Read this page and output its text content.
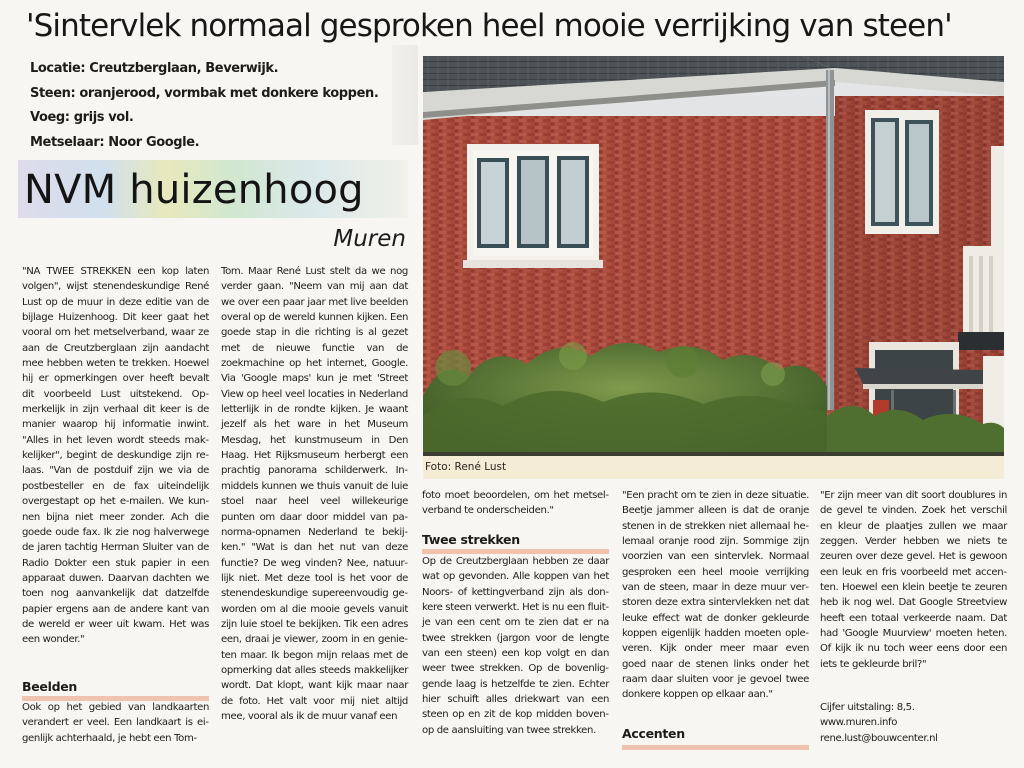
'Sintervlek normaal gesproken heel mooie verrijking van steen'
Locatie: Creutzberglaan, Beverwijk.
Steen: oranjerood, vormbak met donkere koppen.
Voeg: grijs vol.
Metselaar: Noor Google.
NVM huizenhoog
Muren
Foto: René Lust

"NA TWEE STREKKEN een kop laten volgen", wijst stenendeskundige René Lust op de muur in deze editie van de bijlage Huizenhoog. Dit keer gaat het vooral om het metselverband, waar ze aan de Creutzberglaan zijn aandacht mee hebben weten te trekken. Hoewel hij er opmerkingen over heeft bevalt dit voorbeeld Lust uitstekend. Opmerkelijk in zijn verhaal dit keer is de manier waarop hij informatie inwint. "Alles in het leven wordt steeds makkelijker", begint de deskundige zijn relaas. "Van de postduif zijn we via de postbesteller en de fax uiteindelijk overgestapt op het e-mailen. We kunnen bijna niet meer zonder. Ach die goede oude fax. Ik zie nog halverwege de jaren tachtig Herman Sluiter van de Radio Dokter een stuk papier in een apparaat duwen. Daarvan dachten we toen nog aanvankelijk dat datzelfde papier ergens aan de andere kant van de wereld er weer uit kwam. Het was een wonder."

Beelden

Ook op het gebied van landkaarten verandert er veel. Een landkaart is eigenlijk achterhaald, je hebt een Tom-

Tom. Maar René Lust stelt da we nog verder gaan. "Neem van mij aan dat we over een paar jaar met live beelden overal op de wereld kunnen kijken. Een goede stap in die richting is al gezet met de nieuwe functie van de zoekmachine op het internet, Google. Via 'Google maps' kun je met 'Street View op heel veel locaties in Nederland letterlijk in de rondte kijken. Je waant jezelf als het ware in het Museum Mesdag, het kunstmuseum in Den Haag. Het Rijksmuseum herbergt een prachtig panorama schilderwerk. Inmiddels kunnen we thuis vanuit de luie stoel naar heel veel willekeurige punten om daar door middel van panorma-opnamen Nederland te bekijken." "Wat is dan het nut van deze functie? De weg vinden? Nee, natuurlijk niet. Met deze tool is het voor de stenendeskundige supereenvoudig geworden om al die mooie gevels vanuit zijn luie stoel te bekijken. Tik een adres een, draai je viewer, zoom in en genieten maar. Ik begon mijn relaas met de opmerking dat alles steeds makkelijker wordt. Dat klopt, want kijk maar naar de foto. Het valt voor mij niet altijd mee, vooral als ik de muur vanaf een

foto moet beoordelen, om het metselverband te onderscheiden."

Twee strekken

Op de Creutzberglaan hebben ze daar wat op gevonden. Alle koppen van het Noors- of kettingverband zijn als donkere steen verwerkt. Het is nu een fluitje van een cent om te zien dat er na twee strekken (jargon voor de lengte van een steen) een kop volgt en dan weer twee strekken. Op de bovenliggende laag is hetzelfde te zien. Echter hier schuift alles driekwart van een steen op en zit de kop midden bovenop de aansluiting van twee strekken.

"Een pracht om te zien in deze situatie. Beetje jammer alleen is dat de oranje stenen in de strekken niet allemaal helemaal oranje rood zijn. Sommige zijn voorzien van een sintervlek. Normaal gesproken een heel mooie verrijking van de steen, maar in deze muur verstoren deze extra sintervlekken net dat leuke effect wat de donker gekleurde koppen eigenlijk hadden moeten opleveren. Kijk onder meer maar even goed naar de stenen links onder het raam daar sluiten voor je gevoel twee donkere koppen op elkaar aan."

Accenten

"Er zijn meer van dit soort doublures in de gevel te vinden. Zoek het verschil en kleur de plaatjes zullen we maar zeggen. Verder hebben we niets te zeuren over deze gevel. Het is gewoon een leuk en fris voorbeeld met accenten. Hoewel een klein beetje te zeuren heb ik nog wel. Dat Google Streetview heeft een totaal verkeerde naam. Dat had 'Google Muurview' moeten heten. Of kijk ik nu toch weer eens door een iets te gekleurde bril?"

Cijfer uitstaling: 8,5.
www.muren.info
rene.lust@bouwcenter.nl
